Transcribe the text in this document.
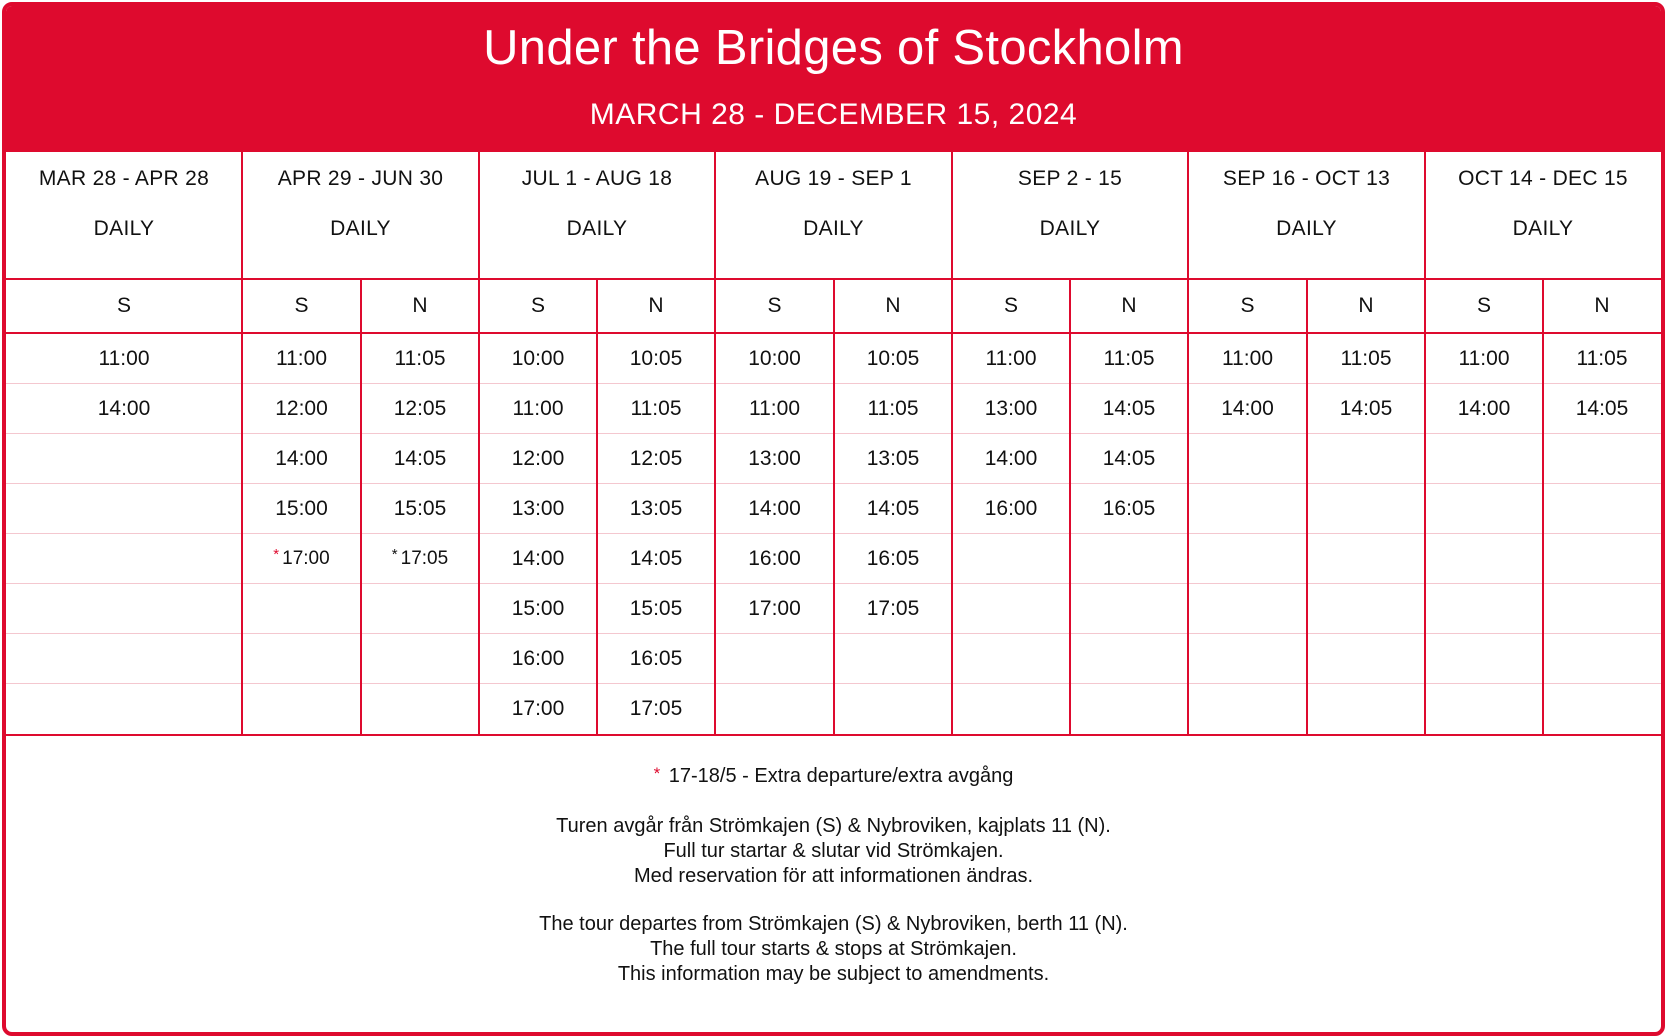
Under the Bridges of Stockholm
MARCH 28 - DECEMBER 15, 2024
MAR 28 - APR 28
DAILY
S
11:00
14:00
APR 29 - JUN 30
DAILY
S
11:00
12:00
14:00
15:00
* 17:00
N
11:05
12:05
14:05
15:05
* 17:05
JUL 1 - AUG 18
DAILY
S
10:00
11:00
12:00
13:00
14:00
15:00
16:00
17:00
N
10:05
11:05
12:05
13:05
14:05
15:05
16:05
17:05
AUG 19 - SEP 1
DAILY
S
10:00
11:00
13:00
14:00
16:00
17:00
N
10:05
11:05
13:05
14:05
16:05
17:05
SEP 2 - 15
DAILY
S
11:00
13:00
14:00
16:00
N
11:05
14:05
14:05
16:05
SEP 16 - OCT 13
DAILY
S
11:00
14:00
N
11:05
14:05
OCT 14 - DEC 15
DAILY
S
11:00
14:00
N
11:05
14:05
* 17-18/5 - Extra departure/extra avgång
Turen avgår från Strömkajen (S) & Nybroviken, kajplats 11 (N).
Full tur startar & slutar vid Strömkajen.
Med reservation för att informationen ändras.
The tour departes from Strömkajen (S) & Nybroviken, berth 11 (N).
The full tour starts & stops at Strömkajen.
This information may be subject to amendments.
